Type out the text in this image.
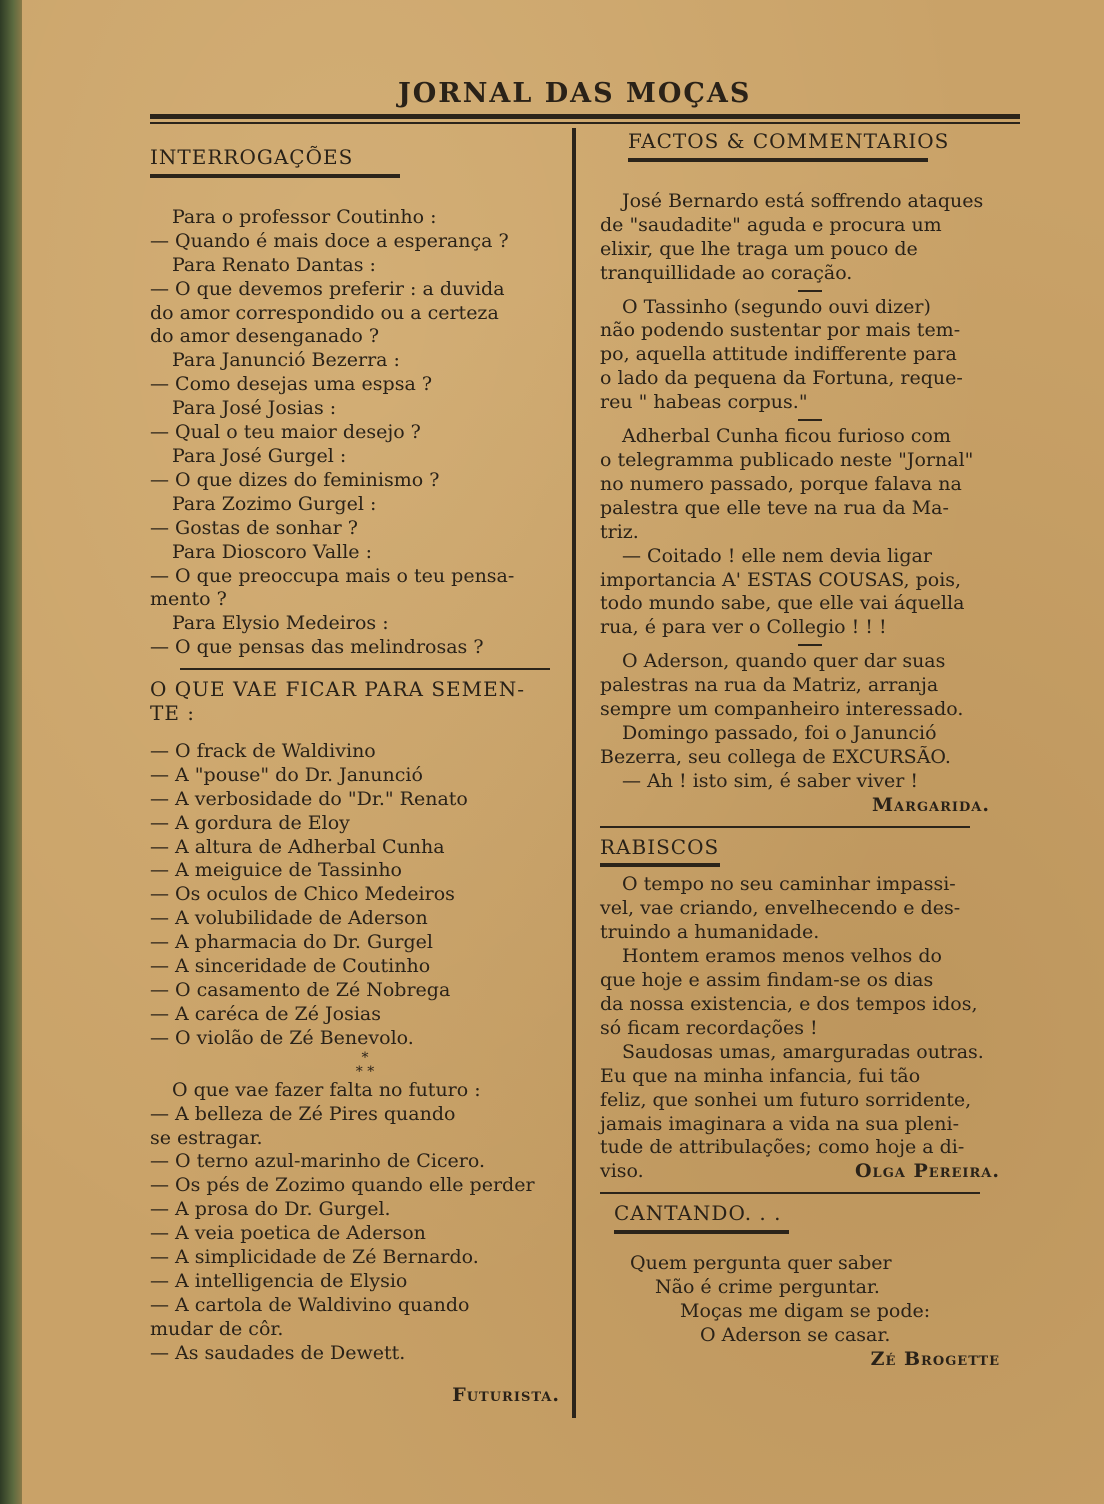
JORNAL DAS MOÇAS
INTERROGAÇÕES
Para o professor Coutinho :
— Quando é mais doce a esperança ?
Para Renato Dantas :
— O que devemos preferir : a duvida
do amor correspondido ou a certeza
do amor desenganado ?
Para Janunció Bezerra :
— Como desejas uma espsa ?
Para José Josias :
— Qual o teu maior desejo ?
Para José Gurgel :
— O que dizes do feminismo ?
Para Zozimo Gurgel :
— Gostas de sonhar ?
Para Dioscoro Valle :
— O que preoccupa mais o teu pensa-
mento ?
Para Elysio Medeiros :
— O que pensas das melindrosas ?
O QUE VAE FICAR PARA SEMEN-
TE :
— O frack de Waldivino
— A "pouse" do Dr. Janunció
— A verbosidade do "Dr." Renato
— A gordura de Eloy
— A altura de Adherbal Cunha
— A meiguice de Tassinho
— Os oculos de Chico Medeiros
— A volubilidade de Aderson
— A pharmacia do Dr. Gurgel
— A sinceridade de Coutinho
— O casamento de Zé Nobrega
— A caréca de Zé Josias
— O violão de Zé Benevolo.
*
* *
O que vae fazer falta no futuro :
— A belleza de Zé Pires quando
se estragar.
— O terno azul-marinho de Cicero.
— Os pés de Zozimo quando elle perder
— A prosa do Dr. Gurgel.
— A veia poetica de Aderson
— A simplicidade de Zé Bernardo.
— A intelligencia de Elysio
— A cartola de Waldivino quando
mudar de côr.
— As saudades de Dewett.
Futurista.
FACTOS & COMMENTARIOS
José Bernardo está soffrendo ataques
de "saudadite" aguda e procura um
elixir, que lhe traga um pouco de
tranquillidade ao coração.
O Tassinho (segundo ouvi dizer)
não podendo sustentar por mais tem-
po, aquella attitude indifferente para
o lado da pequena da Fortuna, reque-
reu " habeas corpus."
Adherbal Cunha ficou furioso com
o telegramma publicado neste "Jornal"
no numero passado, porque falava na
palestra que elle teve na rua da Ma-
triz.
— Coitado ! elle nem devia ligar
importancia A' ESTAS COUSAS, pois,
todo mundo sabe, que elle vai áquella
rua, é para ver o Collegio ! ! !
O Aderson, quando quer dar suas
palestras na rua da Matriz, arranja
sempre um companheiro interessado.
Domingo passado, foi o Janunció
Bezerra, seu collega de EXCURSÃO.
— Ah ! isto sim, é saber viver !
Margarida.
RABISCOS
O tempo no seu caminhar impassi-
vel, vae criando, envelhecendo e des-
truindo a humanidade.
Hontem eramos menos velhos do
que hoje e assim findam-se os dias
da nossa existencia, e dos tempos idos,
só ficam recordações !
Saudosas umas, amarguradas outras.
Eu que na minha infancia, fui tão
feliz, que sonhei um futuro sorridente,
jamais imaginara a vida na sua pleni-
tude de attribulações; como hoje a di-
viso.	Olga Pereira.
CANTANDO. . .
Quem pergunta quer saber
Não é crime perguntar.
Moças me digam se pode:
O Aderson se casar.
Zé Brogette
